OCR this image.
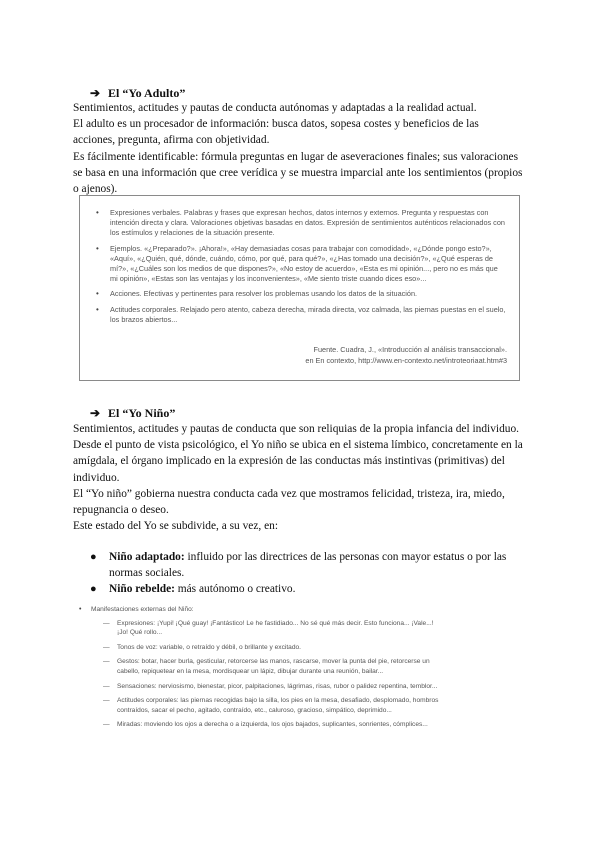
➔ El “Yo Adulto”

Sentimientos, actitudes y pautas de conducta autónomas y adaptadas a la realidad actual.

El adulto es un procesador de información: busca datos, sopesa costes y beneficios de las acciones, pregunta, afirma con objetividad.

Es fácilmente identificable: fórmula preguntas en lugar de aseveraciones finales; sus valoraciones se basa en una información que cree verídica y se muestra imparcial ante los sentimientos (propios o ajenos).

• Expresiones verbales. Palabras y frases que expresan hechos, datos internos y externos. Pregunta y respuestas con intención directa y clara. Valoraciones objetivas basadas en datos. Expresión de sentimientos auténticos relacionados con los estímulos y relaciones de la situación presente.
• Ejemplos. «¿Preparado?». ¡Ahora!», «Hay demasiadas cosas para trabajar con comodidad», «¿Dónde pongo esto?», «Aquí», «¿Quién, qué, dónde, cuándo, cómo, por qué, para qué?», «¿Has tomado una decisión?», «¿Qué esperas de mí?», «¿Cuáles son los medios de que dispones?», «No estoy de acuerdo», «Esta es mi opinión..., pero no es más que mi opinión», «Estas son las ventajas y los inconvenientes», «Me siento triste cuando dices eso»...
• Acciones. Efectivas y pertinentes para resolver los problemas usando los datos de la situación.
• Actitudes corporales. Relajado pero atento, cabeza derecha, mirada directa, voz calmada, las piernas puestas en el suelo, los brazos abiertos...
Fuente. Cuadra, J., «Introducción al análisis transaccional».
en En contexto, http://www.en-contexto.net/introteoriaat.htm#3
➔ El “Yo Niño”

Sentimientos, actitudes y pautas de conducta que son reliquias de la propia infancia del individuo.

Desde el punto de vista psicológico, el Yo niño se ubica en el sistema límbico, concretamente en la amígdala, el órgano implicado en la expresión de las conductas más instintivas (primitivas) del individuo.

El “Yo niño” gobierna nuestra conducta cada vez que mostramos felicidad, tristeza, ira, miedo, repugnancia o deseo.

Este estado del Yo se subdivide, a su vez, en:

●	Niño adaptado: influido por las directrices de las personas con mayor estatus o por las normas sociales.
●	Niño rebelde: más autónomo o creativo.
• Manifestaciones externas del Niño:
— Expresiones: ¡Yupi! ¡Qué guay! ¡Fantástico! Le he fastidiado... No sé qué más decir. Esto funciona... ¡Vale...! ¡Jo! Qué rollo...
— Tonos de voz: variable, o retraído y débil, o brillante y excitado.
— Gestos: botar, hacer burla, gesticular, retorcerse las manos, rascarse, mover la punta del pie, retorcerse un cabello, repiquetear en la mesa, mordisquear un lápiz, dibujar durante una reunión, bailar...
— Sensaciones: nerviosismo, bienestar, picor, palpitaciones, lágrimas, risas, rubor o palidez repentina, temblor...
— Actitudes corporales: las piernas recogidas bajo la silla, los pies en la mesa, desafiado, desplomado, hombros contraídos, sacar el pecho, agitado, contraído, etc., caluroso, gracioso, simpático, deprimido...
— Miradas: moviendo los ojos a derecha o a izquierda, los ojos bajados, suplicantes, sonrientes, cómplices...
